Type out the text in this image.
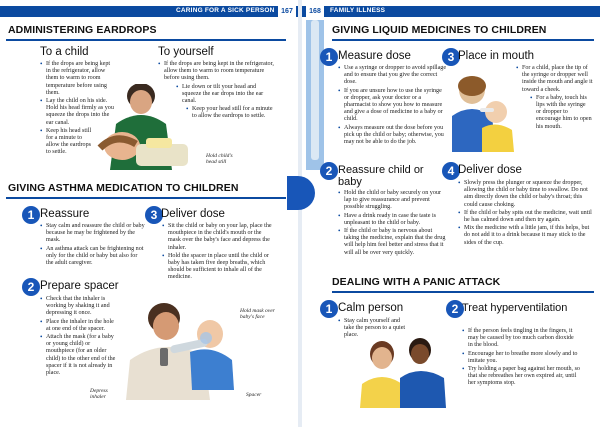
CARING FOR A SICK PERSON 167
ADMINISTERING EARDROPS
To a child
• If the drops are being kept in the refrigerator, allow them to warm to room temperature before using them.
• Lay the child on his side. Hold his head firmly as you squeeze the drops into the ear canal.
• Keep his head still for a minute to allow the eardrops to settle.
To yourself
• If the drops are being kept in the refrigerator, allow them to warm to room temperature before using them.
• Lie down or tilt your head and squeeze the ear drops into the ear canal.
• Keep your head still for a minute to allow the eardrops to settle.
Hold child's head still
GIVING ASTHMA MEDICATION TO CHILDREN
1 Reassure
• Stay calm and reassure the child or baby because he may be frightened by the mask.
• An asthma attack can be frightening not only for the child or baby but also for the adult caregiver.
3 Deliver dose
• Sit the child or baby on your lap, place the mouthpiece in the child's mouth or the mask over the baby's face and depress the inhaler.
• Hold the spacer in place until the child or baby has taken five deep breaths, which should be sufficient to inhale all of the medicine.
2 Prepare spacer
• Check that the inhaler is working by shaking it and depressing it once.
• Place the inhaler in the hole at one end of the spacer.
• Attach the mask (for a baby or young child) or mouthpiece (for an older child) to the other end of the spacer if it is not already in place.
Hold mask over baby's face
Depress inhaler	Spacer
168	FAMILY ILLNESS
GIVING LIQUID MEDICINES TO CHILDREN
1 Measure dose
• Use a syringe or dropper to avoid spillage and to ensure that you give the correct dose.
• If you are unsure how to use the syringe or dropper, ask your doctor or a pharmacist to show you how to measure and give a dose of medicine to a baby or child.
• Always measure out the dose before you pick up the child or baby; otherwise, you may not be able to do the job.
3 Place in mouth
• For a child, place the tip of the syringe or dropper well inside the mouth and angle it toward a cheek.
• For a baby, touch his lips with the syringe or dropper to encourage him to open his mouth.
2 Reassure child or baby
• Hold the child or baby securely on your lap to give reassurance and prevent possible struggling.
• Have a drink ready in case the taste is unpleasant to the child or baby.
• If the child or baby is nervous about taking the medicine, explain that the drug will help him feel better and stress that it will all be over very quickly.
4 Deliver dose
• Slowly press the plunger or squeeze the dropper, allowing the child or baby time to swallow. Do not aim directly down the child or baby's throat; this could cause choking.
• If the child or baby spits out the medicine, wait until he has calmed down and then try again.
• Mix the medicine with a little jam, if this helps, but do not add it to a drink because it may stick to the sides of the cup.
DEALING WITH A PANIC ATTACK
1 Calm person
• Stay calm yourself and take the person to a quiet place.
2 Treat hyperventilation
• If the person feels tingling in the fingers, it may be caused by too much carbon dioxide in the blood.
• Encourage her to breathe more slowly and to imitate you.
• Try holding a paper bag against her mouth, so that she rebreathes her own expired air, until her symptoms stop.
